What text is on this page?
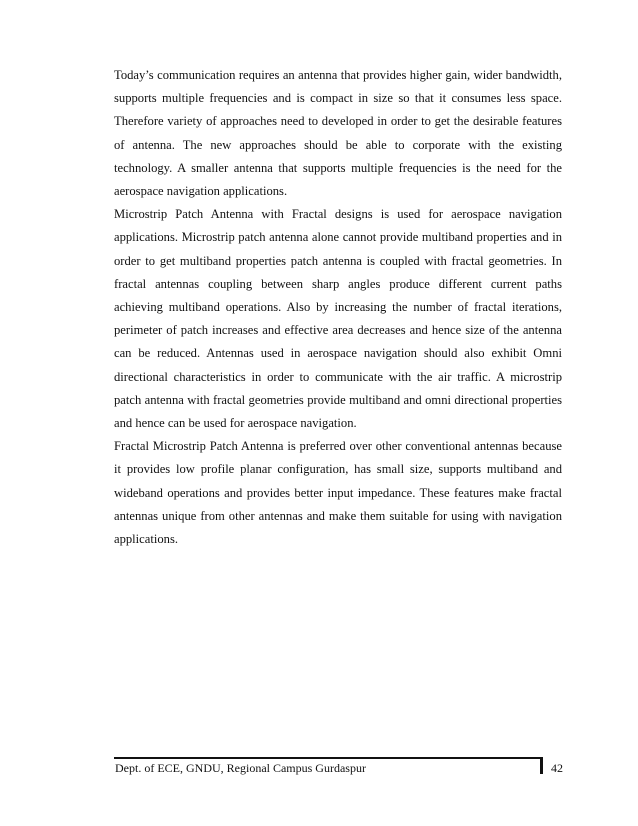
Today’s communication requires an antenna that provides higher gain, wider bandwidth, supports multiple frequencies and is compact in size so that it consumes less space. Therefore variety of approaches need to developed in order to get the desirable features of antenna. The new approaches should be able to corporate with the existing technology. A smaller antenna that supports multiple frequencies is the need for the aerospace navigation applications.

Microstrip Patch Antenna with Fractal designs is used for aerospace navigation applications. Microstrip patch antenna alone cannot provide multiband properties and in order to get multiband properties patch antenna is coupled with fractal geometries. In fractal antennas coupling between sharp angles produce different current paths achieving multiband operations. Also by increasing the number of fractal iterations, perimeter of patch increases and effective area decreases and hence size of the antenna can be reduced. Antennas used in aerospace navigation should also exhibit Omni directional characteristics in order to communicate with the air traffic. A microstrip patch antenna with fractal geometries provide multiband and omni directional properties and hence can be used for aerospace navigation.

Fractal Microstrip Patch Antenna is preferred over other conventional antennas because it provides low profile planar configuration, has small size, supports multiband and wideband operations and provides better input impedance. These features make fractal antennas unique from other antennas and make them suitable for using with navigation applications.

Dept. of ECE, GNDU, Regional Campus Gurdaspur	42
